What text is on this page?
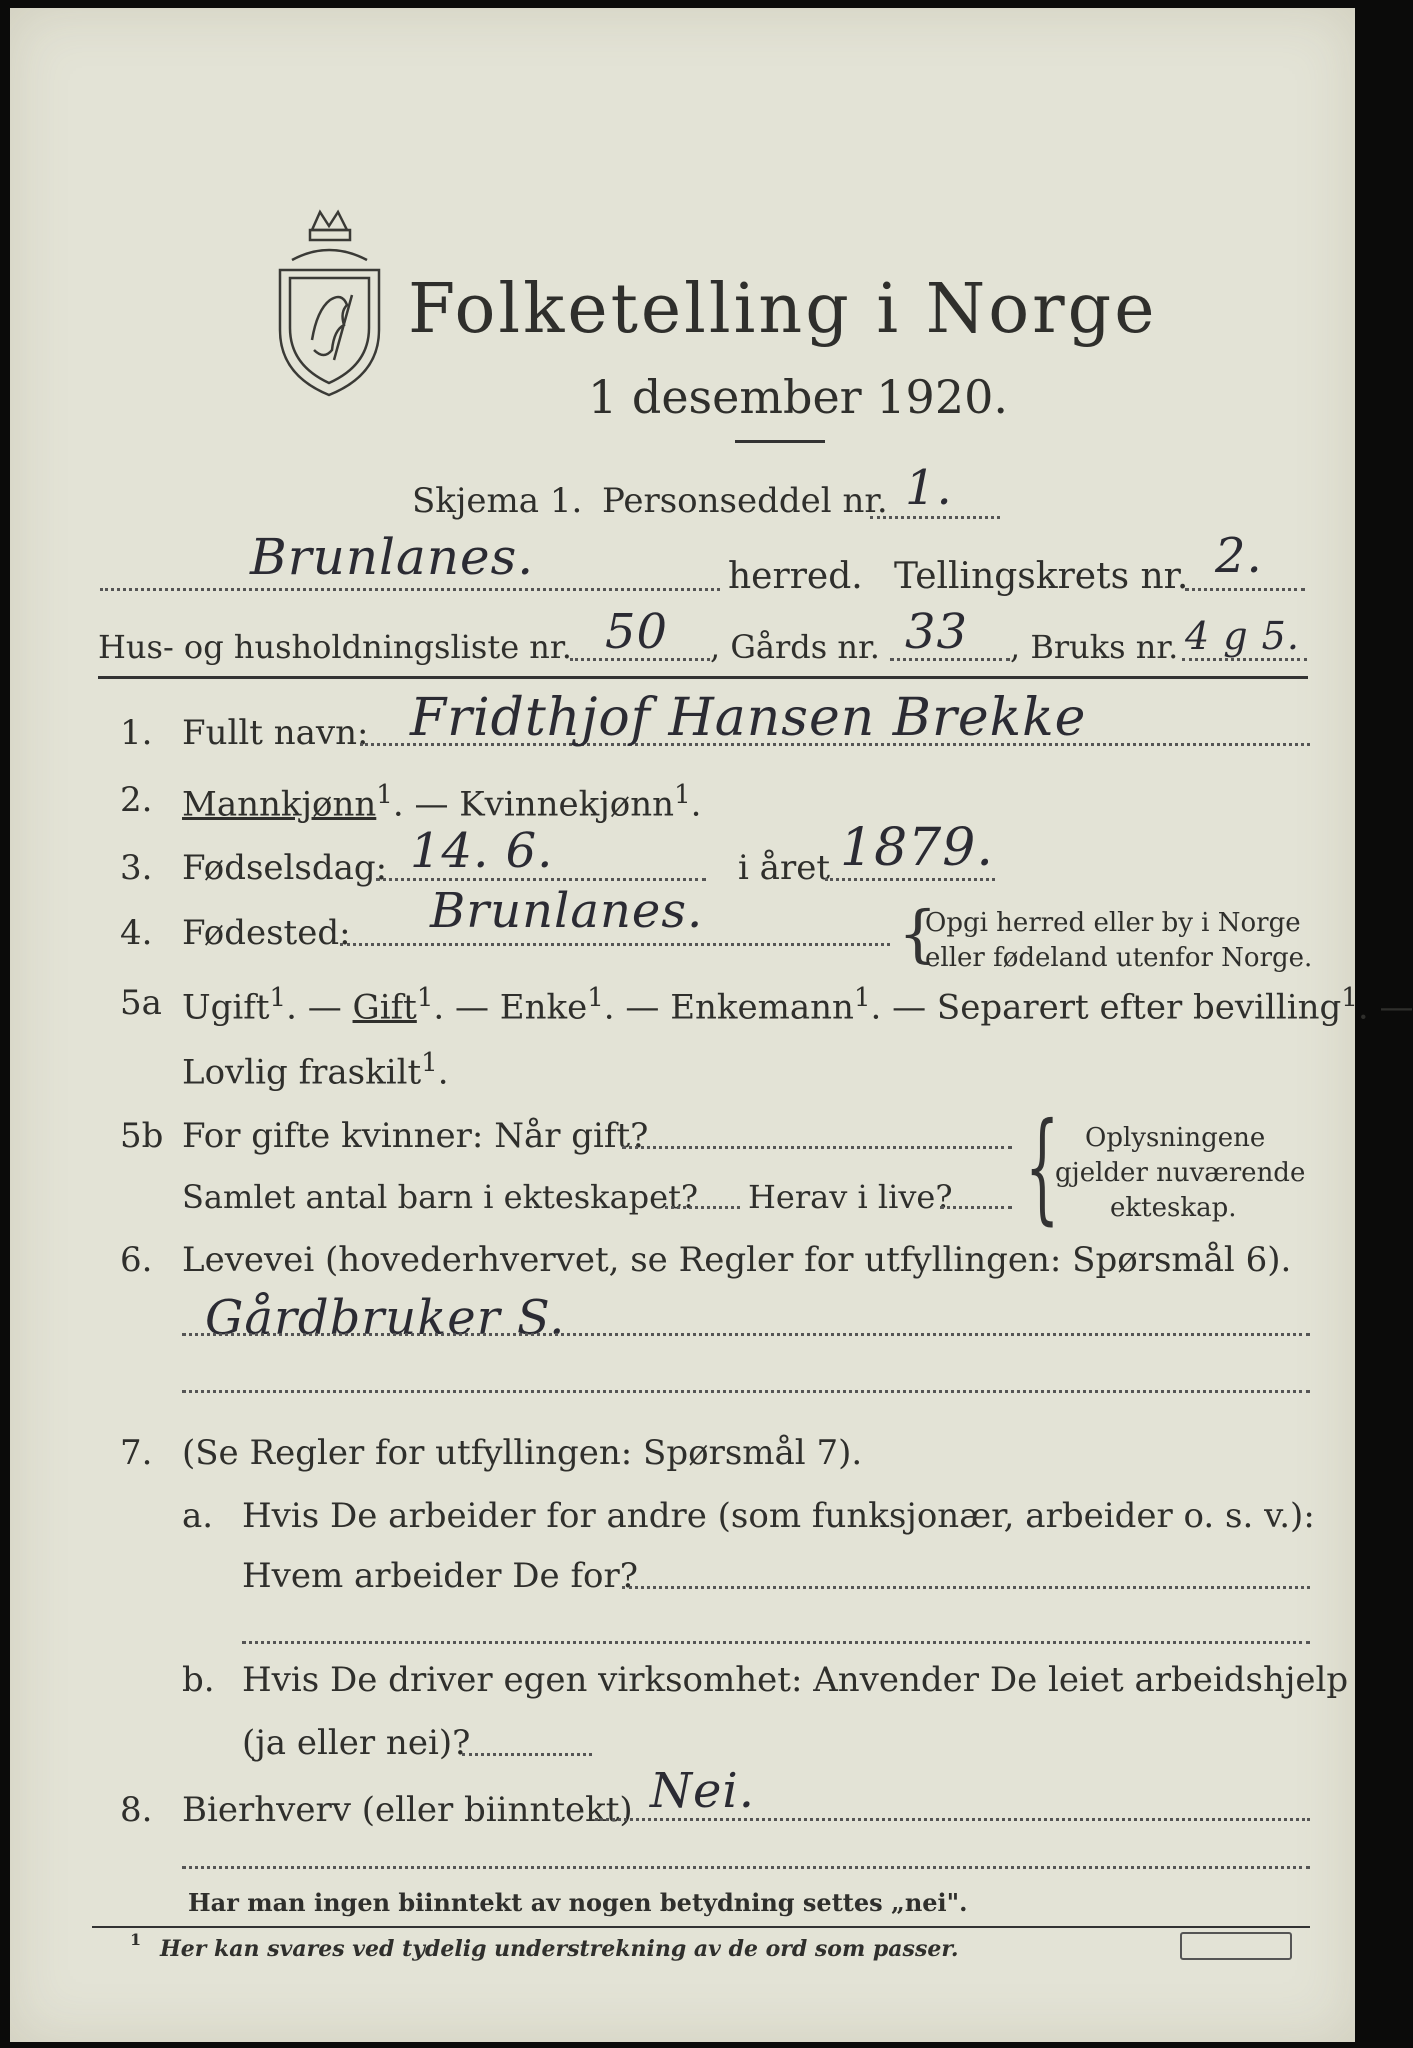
Folketelling i Norge
1 desember 1920.
Skjema 1. Personseddel nr. 1.
Brunlanes.	herred. Tellingskrets nr. 2.
Hus- og husholdningsliste nr. 50 , Gårds nr. 33 , Bruks nr. 4 g 5.
1. Fullt navn: Fridthjof Hansen Brekke
2. Mannkjønn$^1$. — Kvinnekjønn$^1$.
3. Fødselsdag: 14. 6.	i året 1879.
4. Fødested: Brunlanes.	{
Opgi herred eller by i Norge
eller fødeland utenfor Norge.
5a Ugift$^1$. — Gift$^1$. — Enke$^1$. — Enkemann$^1$. — Separert efter bevilling$^1$. —
Lovlig fraskilt$^1$.
5b For gifte kvinner: Når gift?
Samlet antal barn i ekteskapet? Herav i live? { Oplysningene
gjelder nuværende
ekteskap.
6. Levevei (hovederhvervet, se Regler for utfyllingen: Spørsmål 6).
Gårdbruker S.
7. (Se Regler for utfyllingen: Spørsmål 7).
a. Hvis De arbeider for andre (som funksjonær, arbeider o. s. v.):
Hvem arbeider De for?
b. Hvis De driver egen virksomhet: Anvender De leiet arbeidshjelp
(ja eller nei)?
8. Bierhverv (eller biinntekt) Nei.
Har man ingen biinntekt av nogen betydning settes „nei".
1 Her kan svares ved tydelig understrekning av de ord som passer.
